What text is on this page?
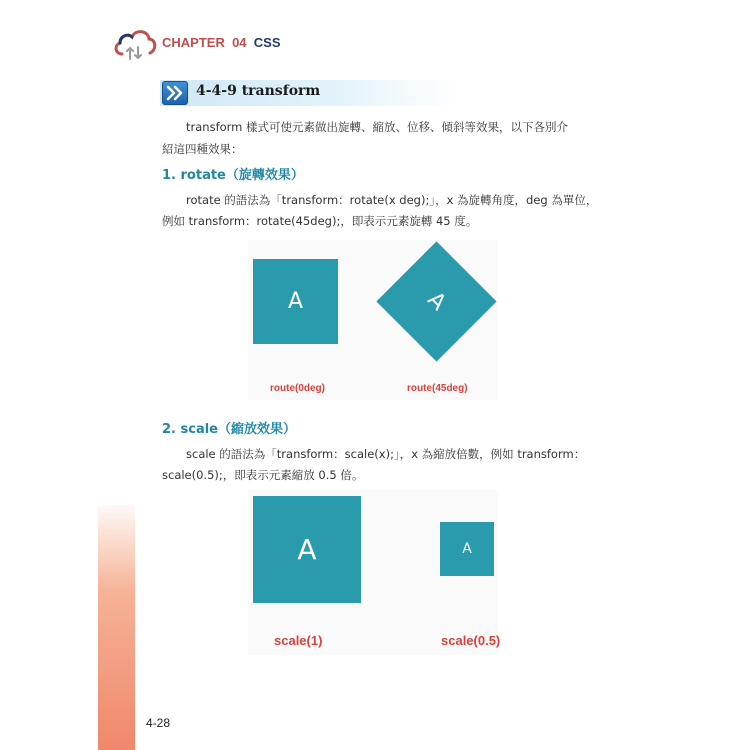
CHAPTER 04 CSS
4-4-9 transform
transform 樣式可使元素做出旋轉、縮放、位移、傾斜等效果，以下各別介
紹這四種效果：
1. rotate（旋轉效果）
rotate 的語法為「transform：rotate(x deg);」，x 為旋轉角度，deg 為單位，
例如 transform：rotate(45deg);，即表示元素旋轉 45 度。
A	A
route(0deg)	route(45deg)
2. scale（縮放效果）
scale 的語法為「transform：scale(x);」，x 為縮放倍數，例如 transform：
scale(0.5);，即表示元素縮放 0.5 倍。
A	A
scale(1)	scale(0.5)
4-28
